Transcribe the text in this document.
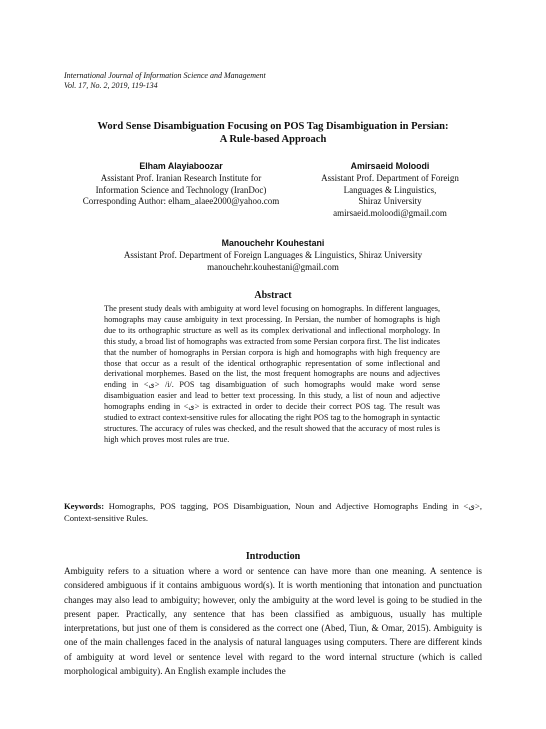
International Journal of Information Science and Management
Vol. 17, No. 2, 2019, 119-134
Word Sense Disambiguation Focusing on POS Tag Disambiguation in Persian:
A Rule-based Approach
Elham Alayiaboozar
Assistant Prof. Iranian Research Institute for
Information Science and Technology (IranDoc)
Corresponding Author: elham_alaee2000@yahoo.com
Amirsaeid Moloodi
Assistant Prof. Department of Foreign
Languages & Linguistics,
Shiraz University
amirsaeid.moloodi@gmail.com
Manouchehr Kouhestani
Assistant Prof. Department of Foreign Languages & Linguistics, Shiraz University
manouchehr.kouhestani@gmail.com
Abstract

The present study deals with ambiguity at word level focusing on homographs. In different languages, homographs may cause ambiguity in text processing. In Persian, the number of homographs is high due to its orthographic structure as well as its complex derivational and inflectional morphology. In this study, a broad list of homographs was extracted from some Persian corpora first. The list indicates that the number of homographs in Persian corpora is high and homographs with high frequency are those that occur as a result of the identical orthographic representation of some inflectional and derivational morphemes. Based on the list, the most frequent homographs are nouns and adjectives ending in <ی> /i/. POS tag disambiguation of such homographs would make word sense disambiguation easier and lead to better text processing. In this study, a list of noun and adjective homographs ending in <ی> is extracted in order to decide their correct POS tag. The result was studied to extract context-sensitive rules for allocating the right POS tag to the homograph in syntactic structures. The accuracy of rules was checked, and the result showed that the accuracy of most rules is high which proves most rules are true.

Keywords: Homographs, POS tagging, POS Disambiguation, Noun and Adjective Homographs Ending in <ی>, Context-sensitive Rules.

Introduction

Ambiguity refers to a situation where a word or sentence can have more than one meaning. A sentence is considered ambiguous if it contains ambiguous word(s). It is worth mentioning that intonation and punctuation changes may also lead to ambiguity; however, only the ambiguity at the word level is going to be studied in the present paper. Practically, any sentence that has been classified as ambiguous, usually has multiple interpretations, but just one of them is considered as the correct one (Abed, Tiun, & Omar, 2015). Ambiguity is one of the main challenges faced in the analysis of natural languages using computers. There are different kinds of ambiguity at word level or sentence level with regard to the word internal structure (which is called morphological ambiguity). An English example includes the
